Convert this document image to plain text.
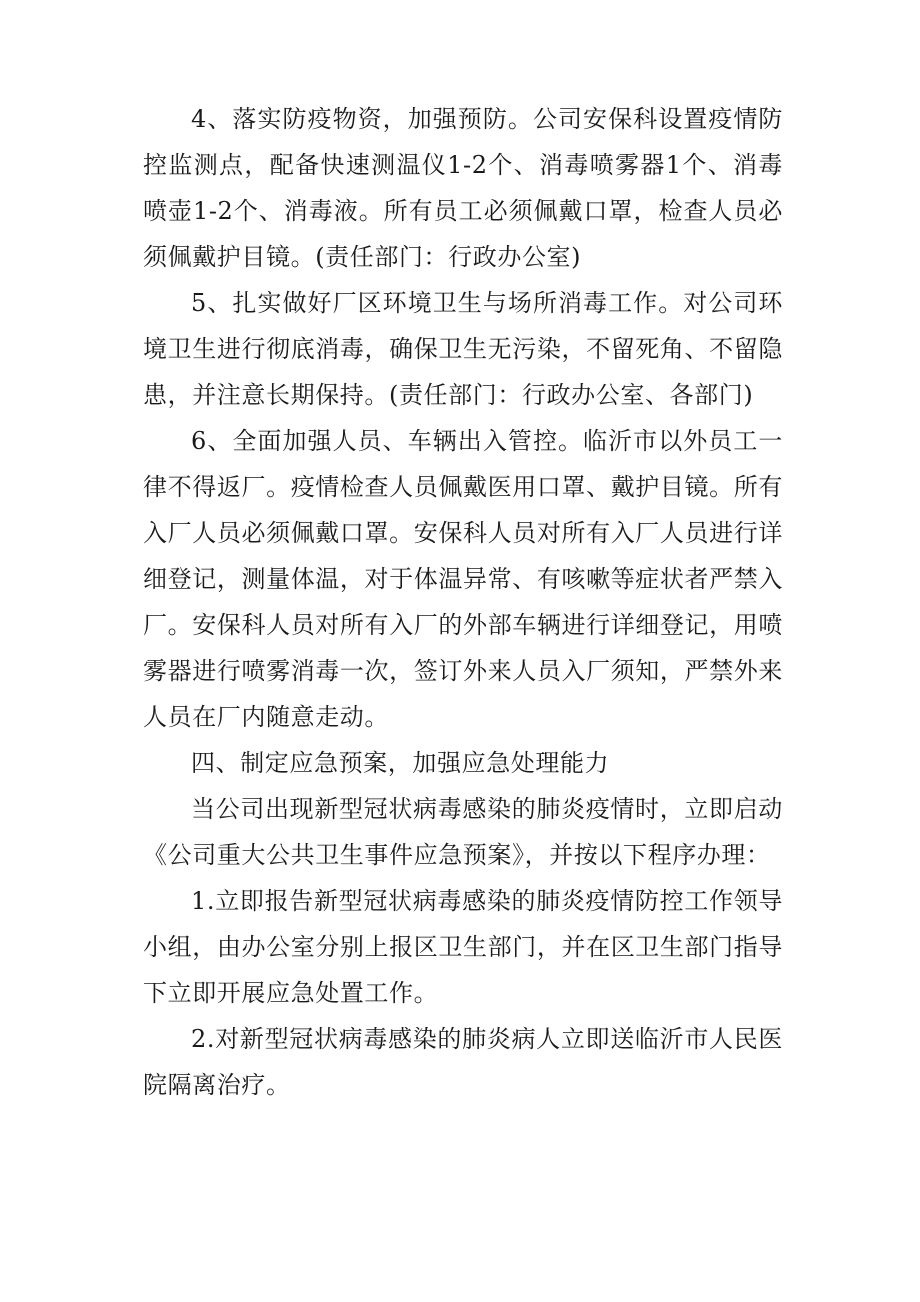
4、落实防疫物资，加强预防。公司安保科设置疫情防控监测点，配备快速测温仪1-2个、消毒喷雾器1个、消毒喷壶1-2个、消毒液。所有员工必须佩戴口罩，检查人员必须佩戴护目镜。(责任部门：行政办公室)

5、扎实做好厂区环境卫生与场所消毒工作。对公司环境卫生进行彻底消毒，确保卫生无污染，不留死角、不留隐患，并注意长期保持。(责任部门：行政办公室、各部门)

6、全面加强人员、车辆出入管控。临沂市以外员工一律不得返厂。疫情检查人员佩戴医用口罩、戴护目镜。所有入厂人员必须佩戴口罩。安保科人员对所有入厂人员进行详细登记，测量体温，对于体温异常、有咳嗽等症状者严禁入厂。安保科人员对所有入厂的外部车辆进行详细登记，用喷雾器进行喷雾消毒一次，签订外来人员入厂须知，严禁外来人员在厂内随意走动。

四、制定应急预案，加强应急处理能力

当公司出现新型冠状病毒感染的肺炎疫情时，立即启动《公司重大公共卫生事件应急预案》，并按以下程序办理：

1.立即报告新型冠状病毒感染的肺炎疫情防控工作领导小组，由办公室分别上报区卫生部门，并在区卫生部门指导下立即开展应急处置工作。

2.对新型冠状病毒感染的肺炎病人立即送临沂市人民医院隔离治疗。
